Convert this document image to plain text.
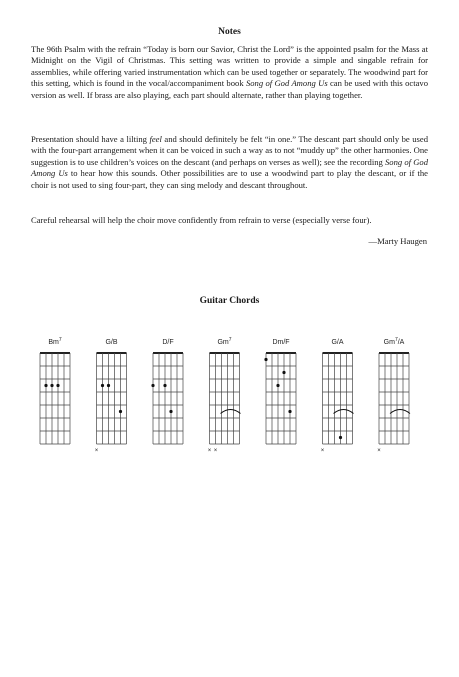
Notes

The 96th Psalm with the refrain “Today is born our Savior, Christ the Lord” is the appointed psalm for the Mass at Midnight on the Vigil of Christmas. This setting was written to provide a simple and singable refrain for assemblies, while offering varied instrumentation which can be used together or separately. The woodwind part for this setting, which is found in the vocal/accompaniment book Song of God Among Us can be used with this octavo version as well. If brass are also playing, each part should alternate, rather than playing together.

Presentation should have a lilting feel and should definitely be felt “in one.” The descant part should only be used with the four-part arrangement when it can be voiced in such a way as to not “muddy up” the other harmonies. One suggestion is to use children’s voices on the descant (and perhaps on verses as well); see the recording Song of God Among Us to hear how this sounds. Other possibilities are to use a woodwind part to play the descant, or if the choir is not used to sing four-part, they can sing melody and descant throughout.

Careful rehearsal will help the choir move confidently from refrain to verse (especially verse four).

—Marty Haugen
Guitar Chords
Bm$^7$	G/B
×
D/F	$Gm^7$
× ×
Dm/F	G/A
×
$Gm^7/A$
×
